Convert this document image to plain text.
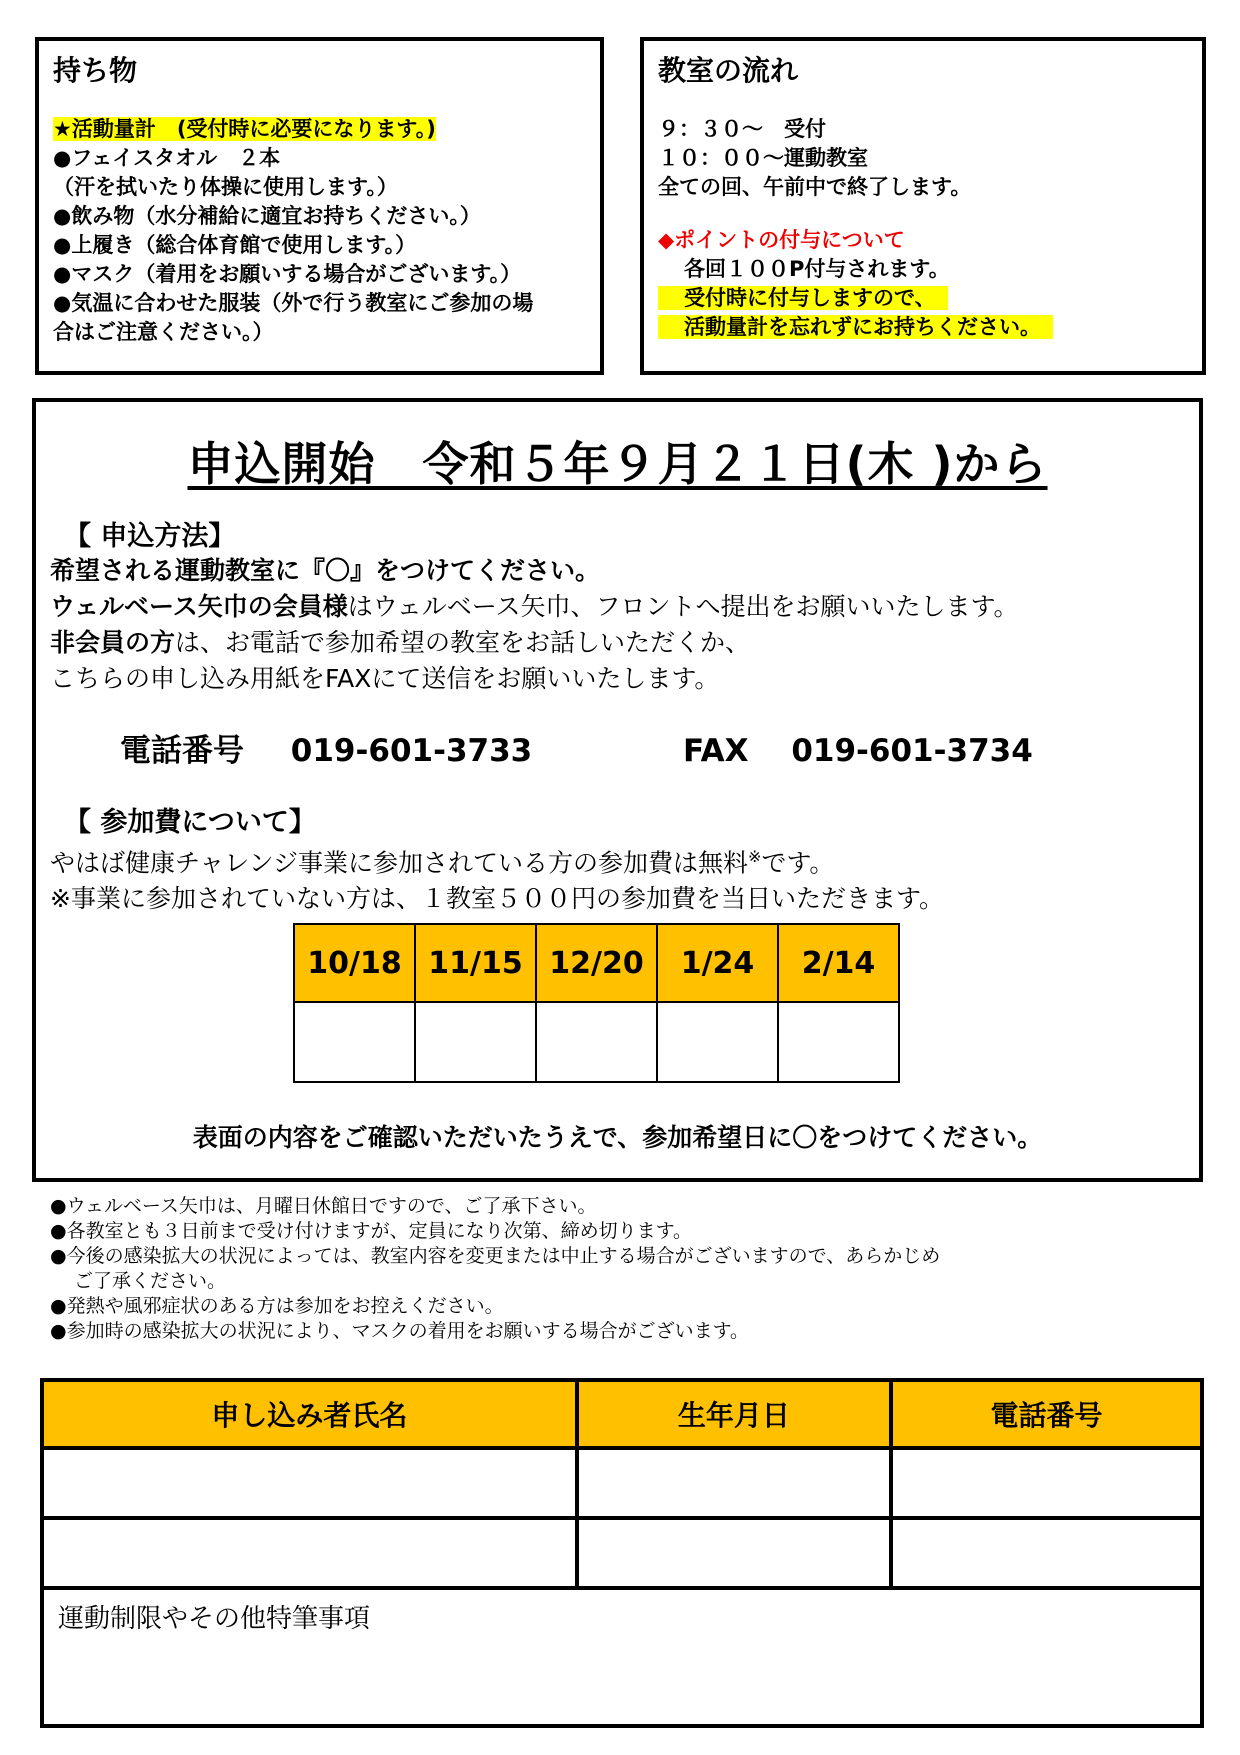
持ち物
★活動量計　(受付時に必要になります。)
●フェイスタオル　２本
（汗を拭いたり体操に使用します。）
●飲み物（水分補給に適宜お持ちください。）
●上履き（総合体育館で使用します。）
●マスク（着用をお願いする場合がございます。）
●気温に合わせた服装（外で行う教室にご参加の場
合はご注意ください。）
教室の流れ
９：３０～　受付
１０：００～運動教室
全ての回、午前中で終了します。
◆ポイントの付与について
各回１００P付与されます。
受付時に付与しますので、
活動量計を忘れずにお持ちください。
申込開始　令和５年９月２１日(木 )から
【 申込方法】
希望される運動教室に『〇』をつけてください。
ウェルベース矢巾の会員様はウェルベース矢巾、フロントへ提出をお願いいたします。
非会員の方は、お電話で参加希望の教室をお話しいただくか、
こちらの申し込み用紙をFAXにて送信をお願いいたします。
電話番号 019-601-3733	FAX 019-601-3734
【 参加費について】
やはば健康チャレンジ事業に参加されている方の参加費は無料※です。
※事業に参加されていない方は、１教室５００円の参加費を当日いただきます。
10/18	11/15	12/20	1/24	2/14

表面の内容をご確認いただいたうえで、参加希望日に〇をつけてください。
●ウェルベース矢巾は、月曜日休館日ですので、ご了承下さい。
●各教室とも３日前まで受け付けますが、定員になり次第、締め切ります。
●今後の感染拡大の状況によっては、教室内容を変更または中止する場合がございますので、あらかじめ
ご了承ください。
●発熱や風邪症状のある方は参加をお控えください。
●参加時の感染拡大の状況により、マスクの着用をお願いする場合がございます。
申し込み者氏名	生年月日	電話番号

運動制限やその他特筆事項
